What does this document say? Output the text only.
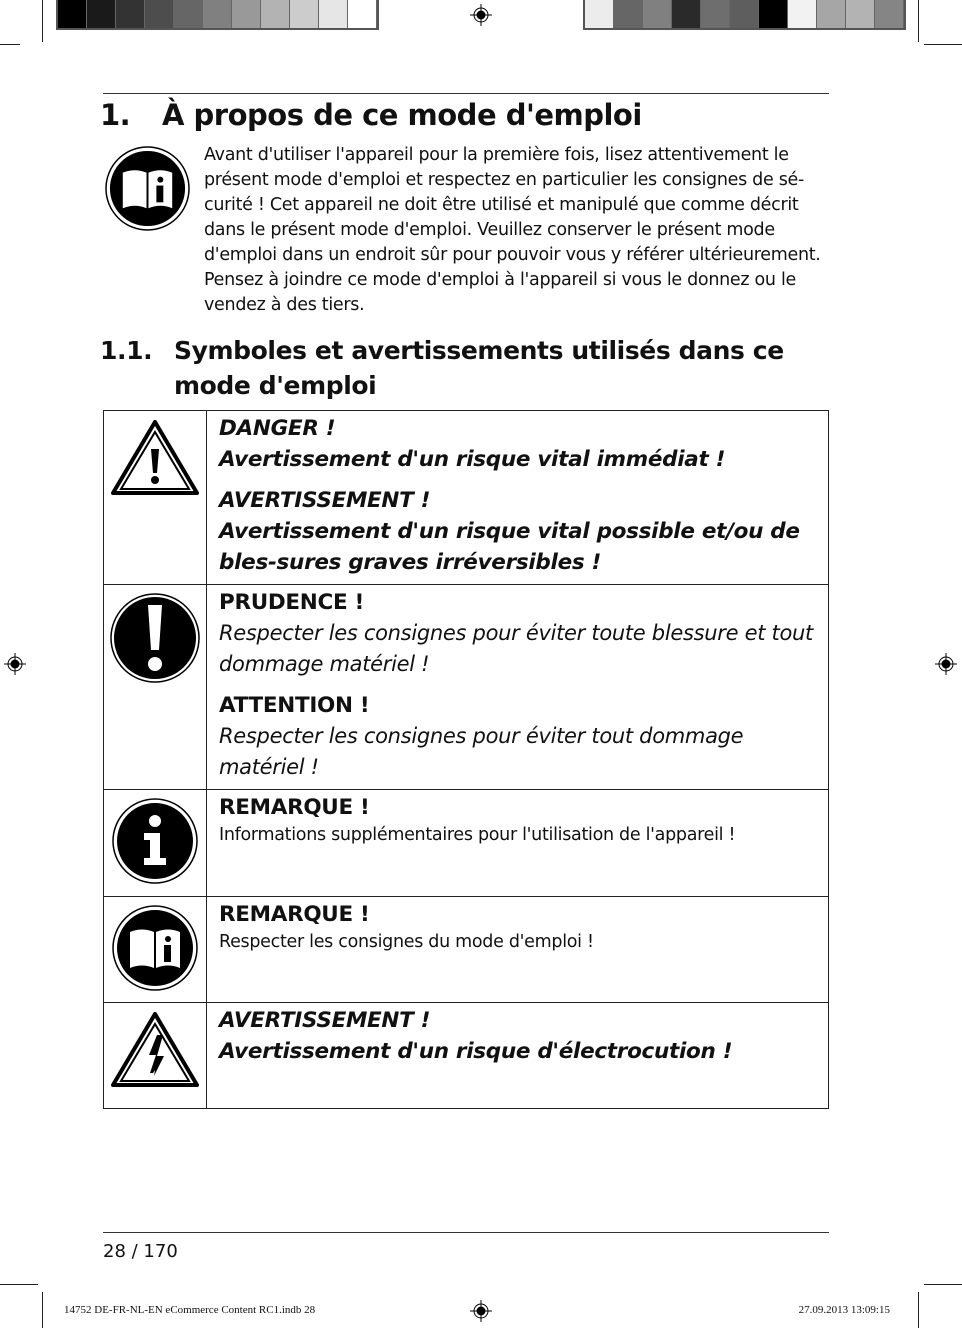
1. À propos de ce mode d'emploi

Avant d'utiliser l'appareil pour la première fois, lisez attentivement le présent mode d'emploi et respectez en particulier les consignes de sé-curité ! Cet appareil ne doit être utilisé et manipulé que comme décrit dans le présent mode d'emploi. Veuillez conserver le présent mode d'emploi dans un endroit sûr pour pouvoir vous y référer ultérieurement. Pensez à joindre ce mode d'emploi à l'appareil si vous le donnez ou le vendez à des tiers.

1.1. Symboles et avertissements utilisés dans ce mode d'emploi

DANGER !
Avertissement d'un risque vital immédiat !
AVERTISSEMENT !
Avertissement d'un risque vital possible et/ou de bles-sures graves irréversibles !

PRUDENCE !
Respecter les consignes pour éviter toute blessure et tout dommage matériel !
ATTENTION !
Respecter les consignes pour éviter tout dommage matériel !

REMARQUE !
Informations supplémentaires pour l'utilisation de l'appareil !

REMARQUE !
Respecter les consignes du mode d'emploi !

AVERTISSEMENT !
Avertissement d'un risque d'électrocution !
28 / 170
14752 DE-FR-NL-EN eCommerce Content RC1.indb 28	27.09.2013 13:09:15
